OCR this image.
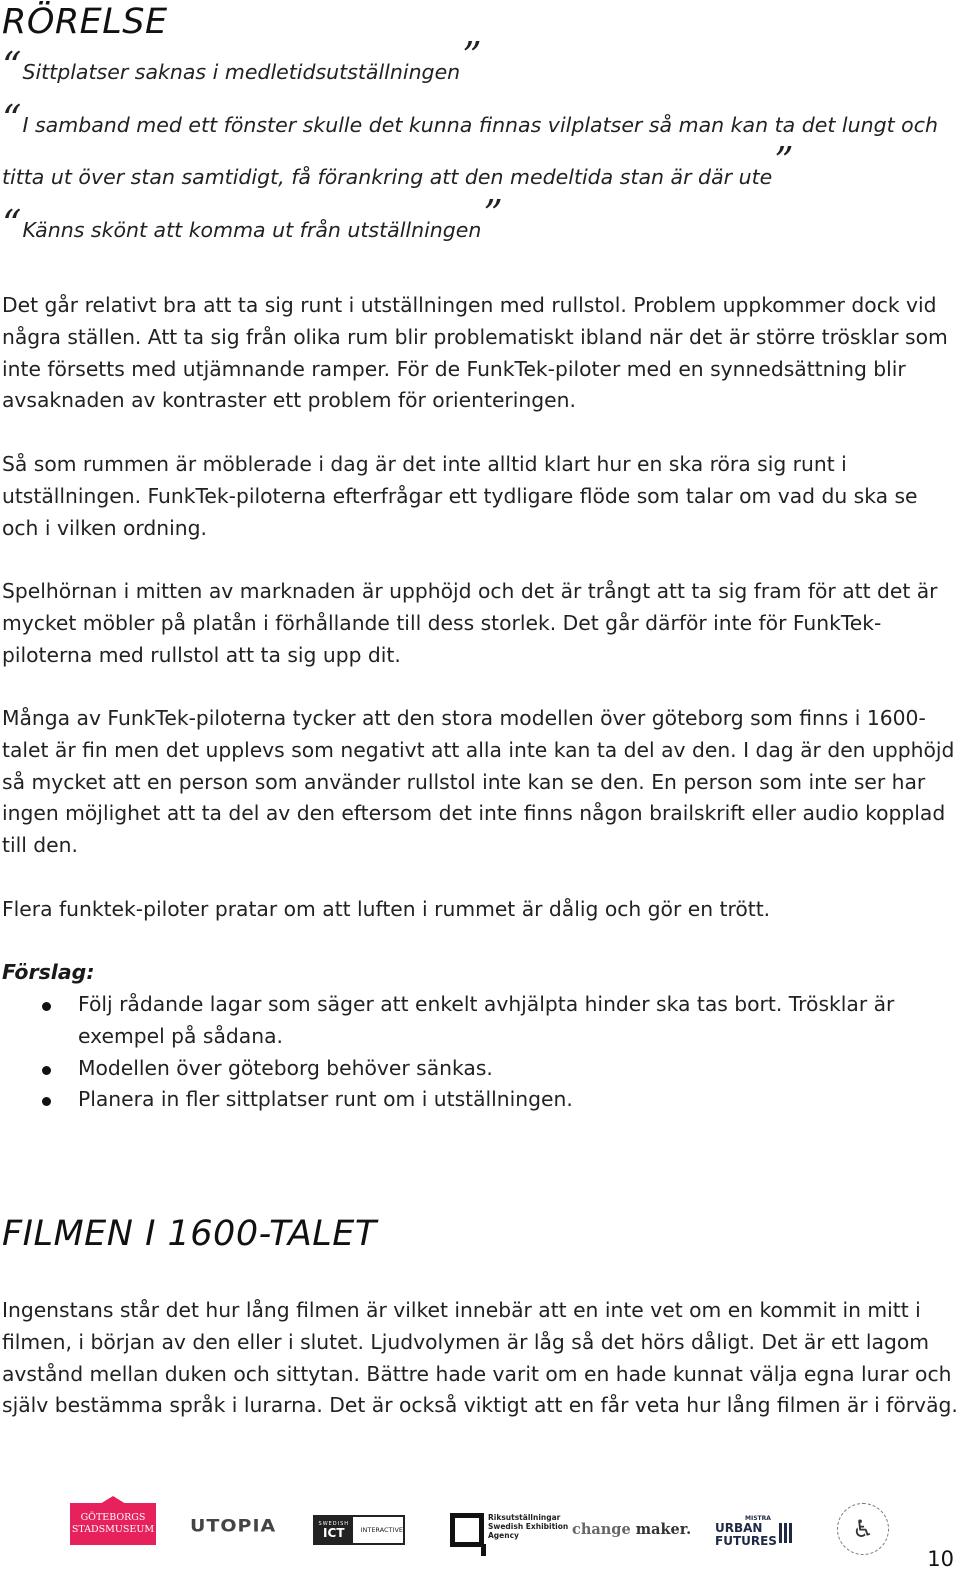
RÖRELSE
“Sittplatser saknas i medletidsutställningen”
“I samband med ett fönster skulle det kunna finnas vilplatser så man kan ta det lungt och titta ut över stan samtidigt, få förankring att den medeltida stan är där ute”
“Känns skönt att komma ut från utställningen”

Det går relativt bra att ta sig runt i utställningen med rullstol. Problem uppkommer dock vid några ställen. Att ta sig från olika rum blir problematiskt ibland när det är större trösklar som inte försetts med utjämnande ramper. För de FunkTek-piloter med en synnedsättning blir avsaknaden av kontraster ett problem för orienteringen.

Så som rummen är möblerade i dag är det inte alltid klart hur en ska röra sig runt i utställningen. FunkTek-piloterna efterfrågar ett tydligare flöde som talar om vad du ska se och i vilken ordning.

Spelhörnan i mitten av marknaden är upphöjd och det är trångt att ta sig fram för att det är mycket möbler på platån i förhållande till dess storlek. Det går därför inte för FunkTek-piloterna med rullstol att ta sig upp dit.

Många av FunkTek-piloterna tycker att den stora modellen över göteborg som finns i 1600-talet är fin men det upplevs som negativt att alla inte kan ta del av den. I dag är den upphöjd så mycket att en person som använder rullstol inte kan se den. En person som inte ser har ingen möjlighet att ta del av den eftersom det inte finns någon brailskrift eller audio kopplad till den.

Flera funktek-piloter pratar om att luften i rummet är dålig och gör en trött.

Förslag:

Följ rådande lagar som säger att enkelt avhjälpta hinder ska tas bort. Trösklar är exempel på sådana.
Modellen över göteborg behöver sänkas.
Planera in fler sittplatser runt om i utställningen.
FILMEN I 1600-TALET

Ingenstans står det hur lång filmen är vilket innebär att en inte vet om en kommit in mitt i filmen, i början av den eller i slutet. Ljudvolymen är låg så det hörs dåligt. Det är ett lagom avstånd mellan duken och sittytan. Bättre hade varit om en hade kunnat välja egna lurar och själv bestämma språk i lurarna. Det är också viktigt att en får veta hur lång filmen är i förväg.

GÖTEBORGS
STADSMUSEUM UTOPIA	SWEDISH
ICT	INTERACTIVE
Riksutställningar
Swedish Exhibition
Agency	change maker.
MISTRA
URBAN
FUTURES	♿
10
